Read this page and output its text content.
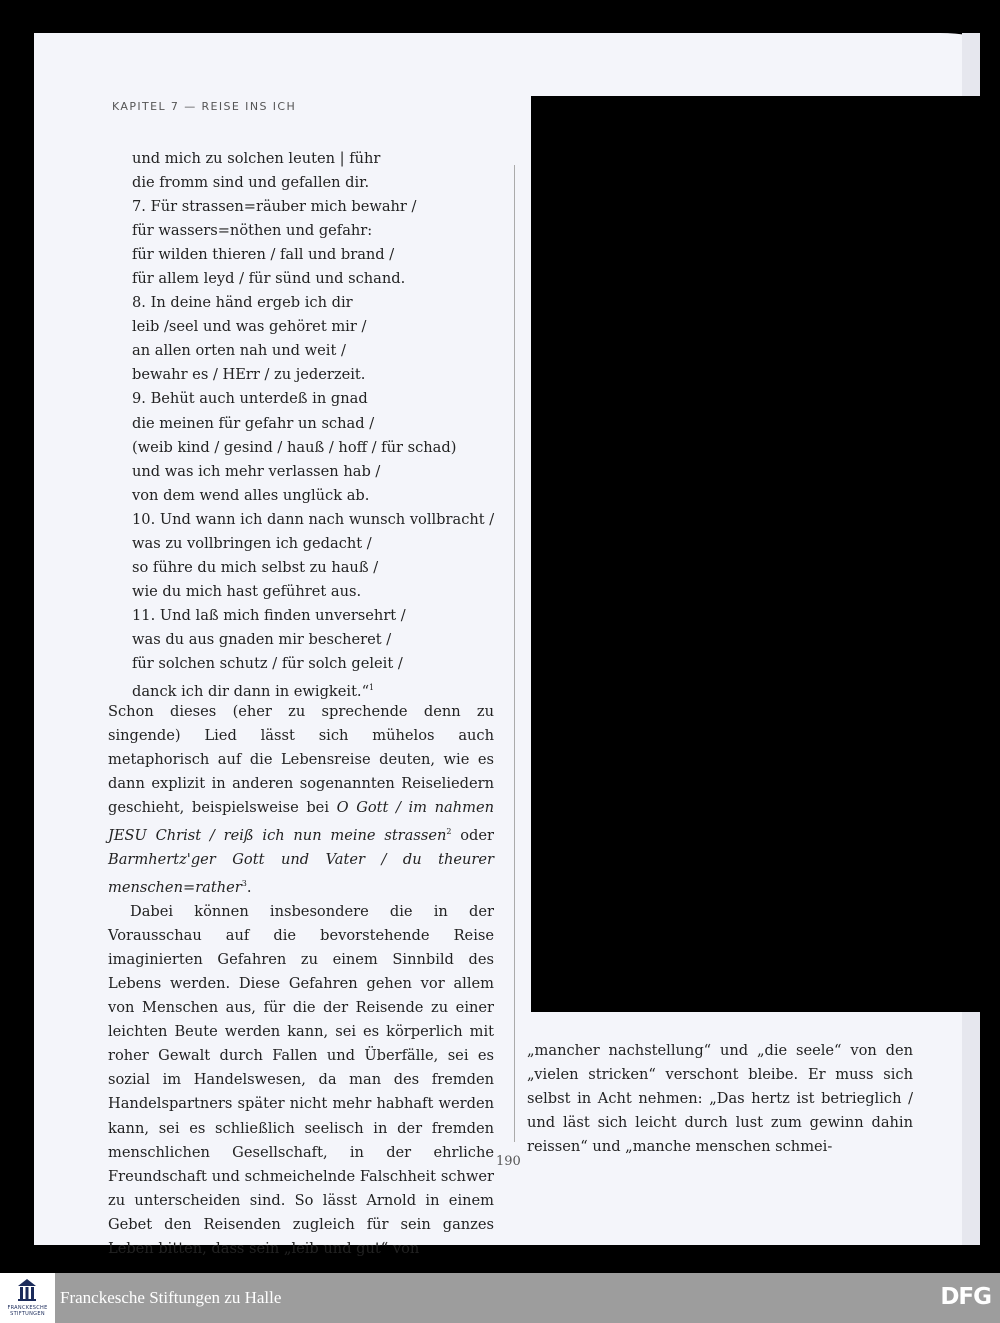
KAPITEL 7 — REISE INS ICH
und mich zu solchen leuten | führ
die fromm sind und gefallen dir.
7. Für strassen=räuber mich bewahr /
für wassers=nöthen und gefahr:
für wilden thieren / fall und brand /
für allem leyd / für sünd und schand.
8. In deine händ ergeb ich dir
leib /seel und was gehöret mir /
an allen orten nah und weit /
bewahr es / HErr / zu jederzeit.
9. Behüt auch unterdeß in gnad
die meinen für gefahr un schad /
(weib kind / gesind / hauß / hoff / für schad)
und was ich mehr verlassen hab /
von dem wend alles unglück ab.
10. Und wann ich dann nach wunsch vollbracht /
was zu vollbringen ich gedacht /
so führe du mich selbst zu hauß /
wie du mich hast geführet aus.
11. Und laß mich finden unversehrt /
was du aus gnaden mir bescheret /
für solchen schutz / für solch geleit /
danck ich dir dann in ewigkeit.“$^1$

Schon dieses (eher zu sprechende denn zu singende) Lied lässt sich mühelos auch metaphorisch auf die Lebensreise deuten, wie es dann explizit in anderen sogenannten Reiseliedern geschieht, beispielsweise bei O Gott / im nahmen JESU Christ / reiß ich nun meine strassen$^2$ oder Barmhertz'ger Gott und Vater / du theurer menschen=rather$^3$.

Dabei können insbesondere die in der Vorausschau auf die bevorstehende Reise imaginierten Gefahren zu einem Sinnbild des Lebens werden. Diese Gefahren gehen vor allem von Menschen aus, für die der Reisende zu einer leichten Beute werden kann, sei es körperlich mit roher Gewalt durch Fallen und Überfälle, sei es sozial im Handelswesen, da man des fremden Handelspartners später nicht mehr habhaft werden kann, sei es schließlich seelisch in der fremden menschlichen Gesellschaft, in der ehrliche Freundschaft und schmeichelnde Falschheit schwer zu unterscheiden sind. So lässt Arnold in einem Gebet den Reisenden zugleich für sein ganzes Leben bitten, dass sein „leib und gut“ von

„mancher nachstellung“ und „die seele“ von den „vielen stricken“ verschont bleibe. Er muss sich selbst in Acht nehmen: „Das hertz ist betrieglich / und läst sich leicht durch lust zum gewinn dahin reissen“ und „manche menschen schmei-

190
FRANCKESCHE STIFTUNGEN
Franckesche Stiftungen zu Halle	DFG
